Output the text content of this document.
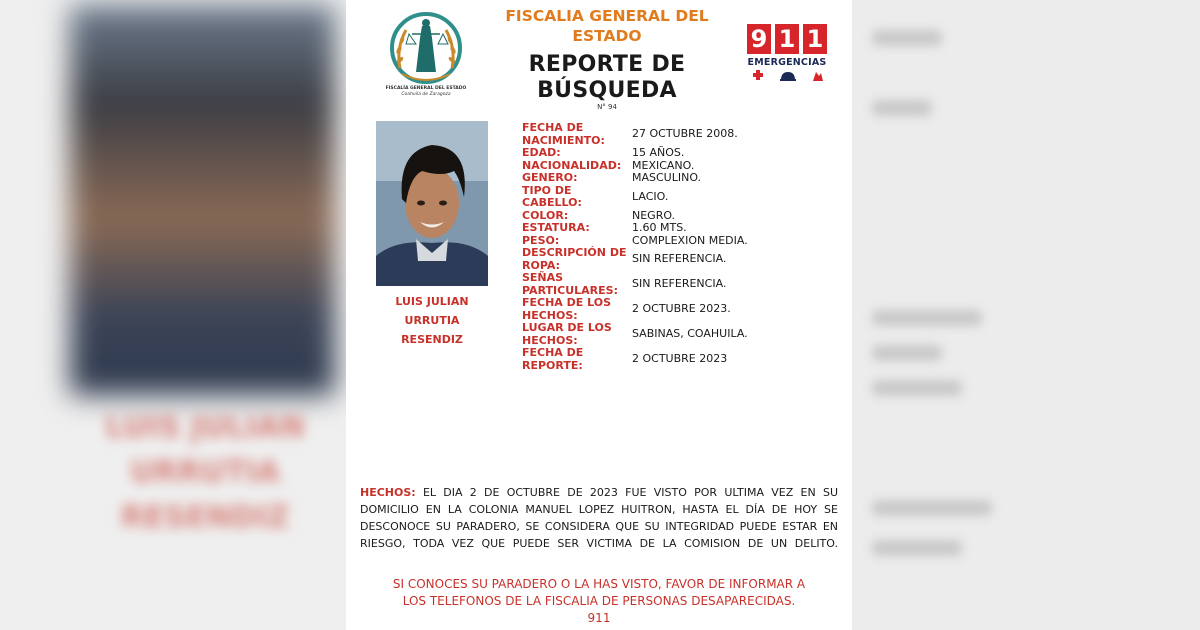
LUIS JULIAN
URRUTIA
RESENDIZ
FISCALÍA GENERAL DEL ESTADO
Coahuila de Zaragoza
FISCALIA GENERAL DEL
ESTADO
REPORTE DE
BÚSQUEDA
N° 94
9 1 1
EMERGENCIAS
LUIS JULIAN
URRUTIA
RESENDIZ
FECHA DE NACIMIENTO:	27 OCTUBRE 2008.
EDAD:	15 AÑOS.
NACIONALIDAD: MEXICANO.
GENERO:	MASCULINO.
TIPO DE CABELLO:	LACIO.
COLOR:	NEGRO.
ESTATURA:	1.60 MTS.
PESO:	COMPLEXION MEDIA.
DESCRIPCIÓN DE ROPA:	SIN REFERENCIA.
SEÑAS PARTICULARES:	SIN REFERENCIA.
FECHA DE LOS HECHOS:	2 OCTUBRE 2023.
LUGAR DE LOS HECHOS:	SABINAS, COAHUILA.
FECHA DE REPORTE:	2 OCTUBRE 2023
HECHOS: EL DIA 2 DE OCTUBRE DE 2023 FUE VISTO POR ULTIMA VEZ EN SU DOMICILIO EN LA COLONIA MANUEL LOPEZ HUITRON, HASTA EL DÍA DE HOY SE DESCONOCE SU PARADERO, SE CONSIDERA QUE SU INTEGRIDAD PUEDE ESTAR EN RIESGO, TODA VEZ QUE PUEDE SER VICTIMA DE LA COMISION DE UN DELITO.
SI CONOCES SU PARADERO O LA HAS VISTO, FAVOR DE INFORMAR A
LOS TELEFONOS DE LA FISCALIA DE PERSONAS DESAPARECIDAS.
911
